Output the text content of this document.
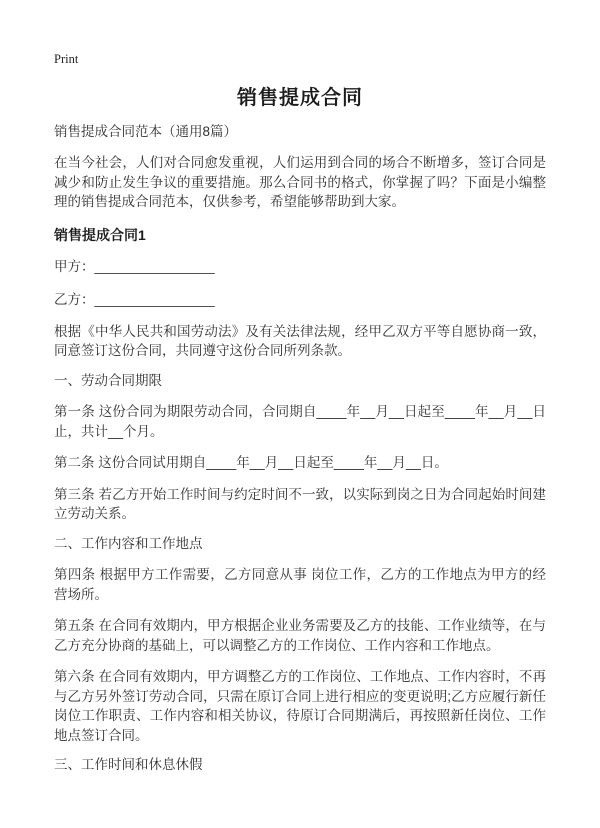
Print
销售提成合同
销售提成合同范本（通用8篇）

在当今社会，人们对合同愈发重视，人们运用到合同的场合不断增多，签订合同是减少和防止发生争议的重要措施。那么合同书的格式，你掌握了吗？下面是小编整理的销售提成合同范本，仅供参考，希望能够帮助到大家。

销售提成合同1

甲方：________________

乙方：________________

根据《中华人民共和国劳动法》及有关法律法规，经甲乙双方平等自愿协商一致，同意签订这份合同，共同遵守这份合同所列条款。

一、劳动合同期限

第一条 这份合同为期限劳动合同，合同期自____年__月__日起至____年__月__日止，共计__个月。

第二条 这份合同试用期自____年__月__日起至____年__月__日。

第三条 若乙方开始工作时间与约定时间不一致，以实际到岗之日为合同起始时间建立劳动关系。

二、工作内容和工作地点

第四条 根据甲方工作需要，乙方同意从事 岗位工作，乙方的工作地点为甲方的经营场所。

第五条 在合同有效期内，甲方根据企业业务需要及乙方的技能、工作业绩等，在与乙方充分协商的基础上，可以调整乙方的工作岗位、工作内容和工作地点。

第六条 在合同有效期内，甲方调整乙方的工作岗位、工作地点、工作内容时，不再与乙方另外签订劳动合同，只需在原订合同上进行相应的变更说明;乙方应履行新任岗位工作职责、工作内容和相关协议，待原订合同期满后，再按照新任岗位、工作地点签订合同。

三、工作时间和休息休假
